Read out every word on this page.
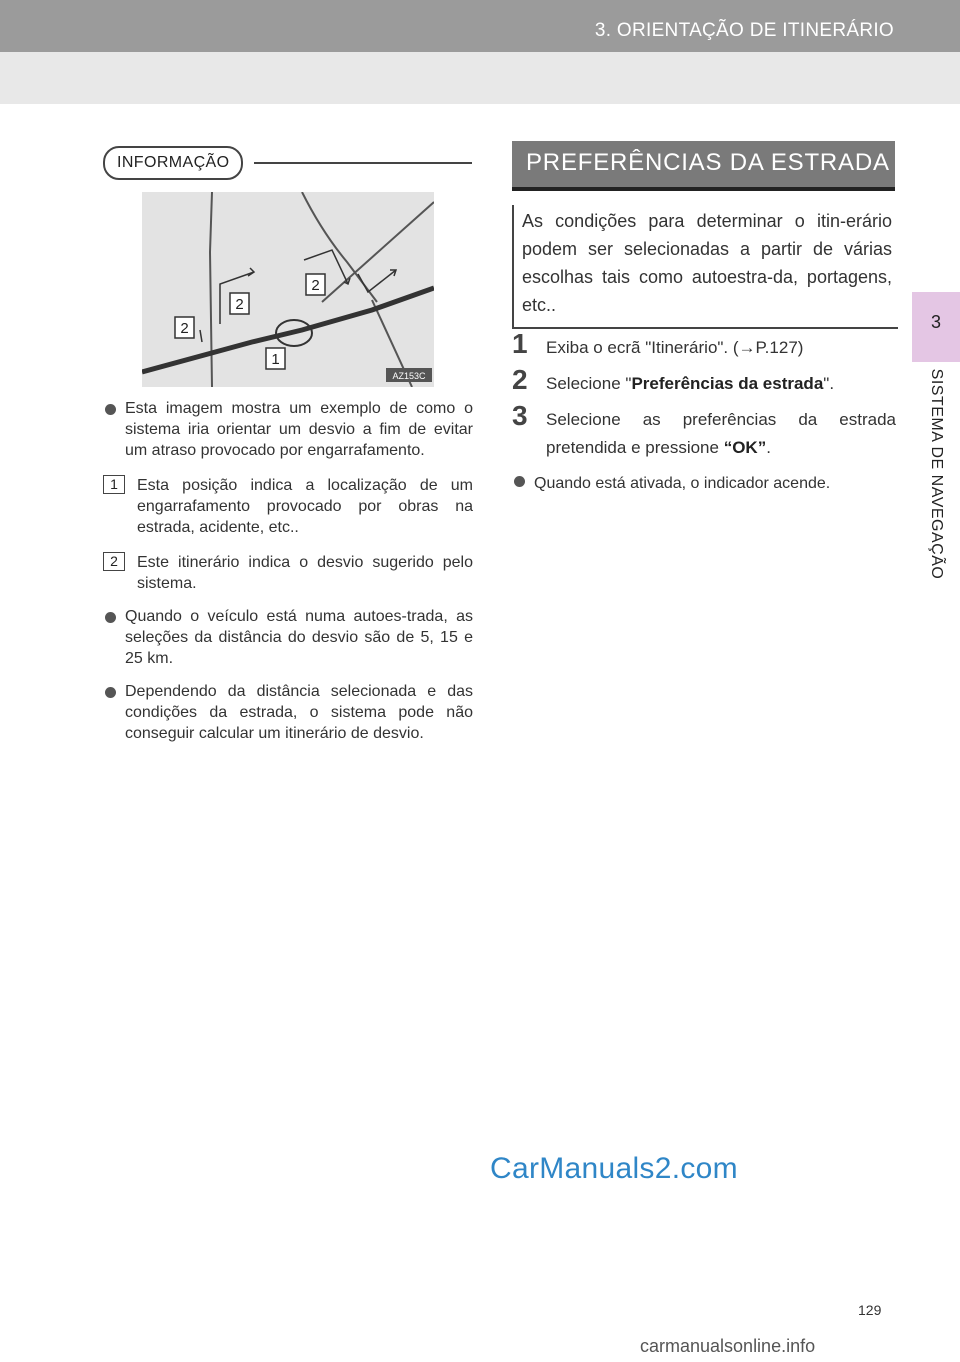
3. ORIENTAÇÃO DE ITINERÁRIO
3
SISTEMA DE NAVEGAÇÃO
INFORMAÇÃO
1
2
2
2
AZ153C
Esta imagem mostra um exemplo de como o sistema iria orientar um desvio a fim de evitar um atraso provocado por engarrafamento.
1	Esta posição indica a localização de um engarrafamento provocado por obras na estrada, acidente, etc..
2	Este itinerário indica o desvio sugerido pelo sistema.
Quando o veículo está numa autoes-trada, as seleções da distância do desvio são de 5, 15 e 25 km.
Dependendo da distância selecionada e das condições da estrada, o sistema pode não conseguir calcular um itinerário de desvio.
PREFERÊNCIAS DA ESTRADA
As condições para determinar o itin-erário podem ser selecionadas a partir de várias escolhas tais como autoestra-da, portagens, etc..
1 Exiba o ecrã "Itinerário". (→P.127)
2 Selecione "Preferências da estrada".
3 Selecione as preferências da estrada pretendida e pressione “OK”.
Quando está ativada, o indicador acende.
129
CarManuals2.com
carmanualsonline.info
